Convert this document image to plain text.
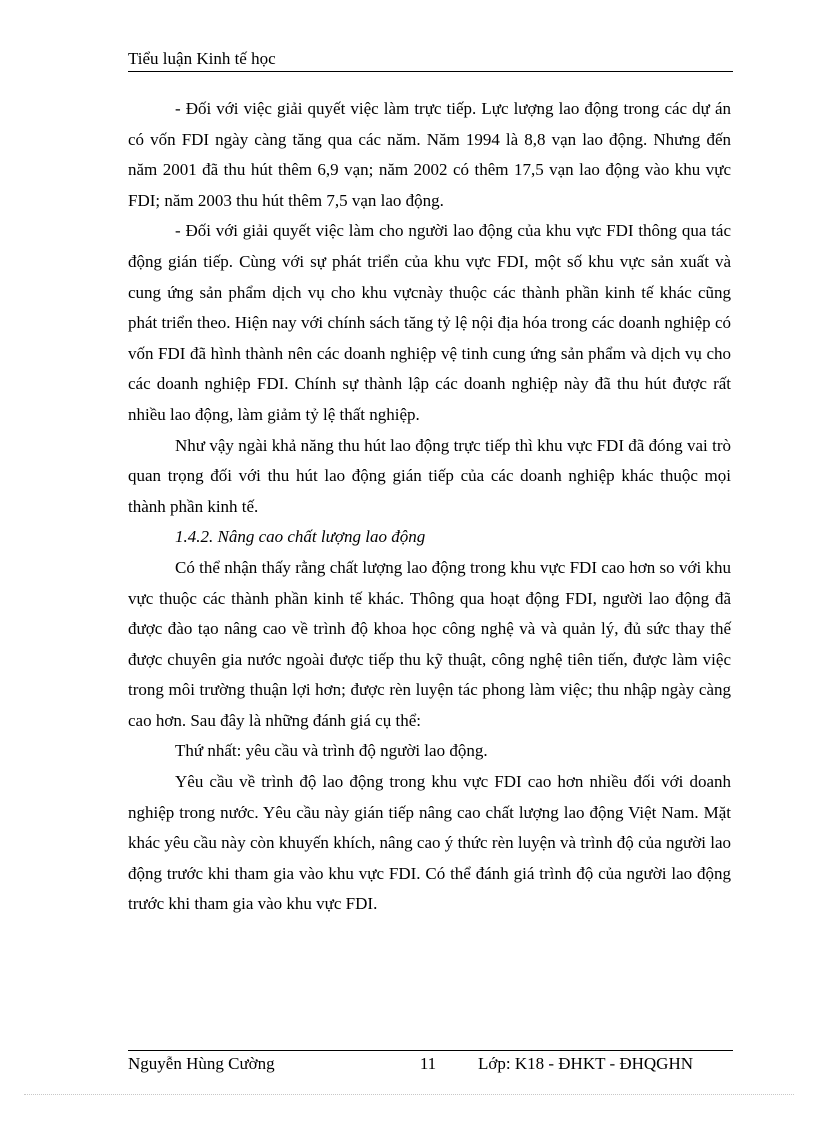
Tiểu luận Kinh tế học

- Đối với việc giải quyết việc làm trực tiếp. Lực lượng lao động trong các dự án có vốn FDI ngày càng tăng qua các năm. Năm 1994 là 8,8 vạn lao động. Nhưng đến năm 2001 đã thu hút thêm 6,9 vạn; năm 2002 có thêm 17,5 vạn lao động vào khu vực FDI; năm 2003 thu hút thêm 7,5 vạn lao động.

- Đối với giải quyết việc làm cho người lao động của khu vực FDI thông qua tác động gián tiếp. Cùng với sự phát triển của khu vực FDI, một số khu vực sản xuất và cung ứng sản phẩm dịch vụ cho khu vựcnày thuộc các thành phần kinh tế khác cũng phát triển theo. Hiện nay với chính sách tăng tỷ lệ nội địa hóa trong các doanh nghiệp có vốn FDI đã hình thành nên các doanh nghiệp vệ tinh cung ứng sản phẩm và dịch vụ cho các doanh nghiệp FDI. Chính sự thành lập các doanh nghiệp này đã thu hút được rất nhiều lao động, làm giảm tỷ lệ thất nghiệp.

Như vậy ngài khả năng thu hút lao động trực tiếp thì khu vực FDI đã đóng vai trò quan trọng đối với thu hút lao động gián tiếp của các doanh nghiệp khác thuộc mọi thành phần kinh tế.

1.4.2. Nâng cao chất lượng lao động

Có thể nhận thấy rằng chất lượng lao động trong khu vực FDI cao hơn so với khu vực thuộc các thành phần kinh tế khác. Thông qua hoạt động FDI, người lao động đã được đào tạo nâng cao về trình độ khoa học công nghệ và và quản lý, đủ sức thay thế được chuyên gia nước ngoài được tiếp thu kỹ thuật, công nghệ tiên tiến, được làm việc trong môi trường thuận lợi hơn; được rèn luyện tác phong làm việc; thu nhập ngày càng cao hơn. Sau đây là những đánh giá cụ thể:

Thứ nhất: yêu cầu và trình độ người lao động.

Yêu cầu về trình độ lao động trong khu vực FDI cao hơn nhiều đối với doanh nghiệp trong nước. Yêu cầu này gián tiếp nâng cao chất lượng lao động Việt Nam. Mặt khác yêu cầu này còn khuyến khích, nâng cao ý thức rèn luyện và trình độ của người lao động trước khi tham gia vào khu vực FDI. Có thể đánh giá trình độ của người lao động trước khi tham gia vào khu vực FDI.

Nguyễn Hùng Cường	11 Lớp: K18 - ĐHKT - ĐHQGHN
